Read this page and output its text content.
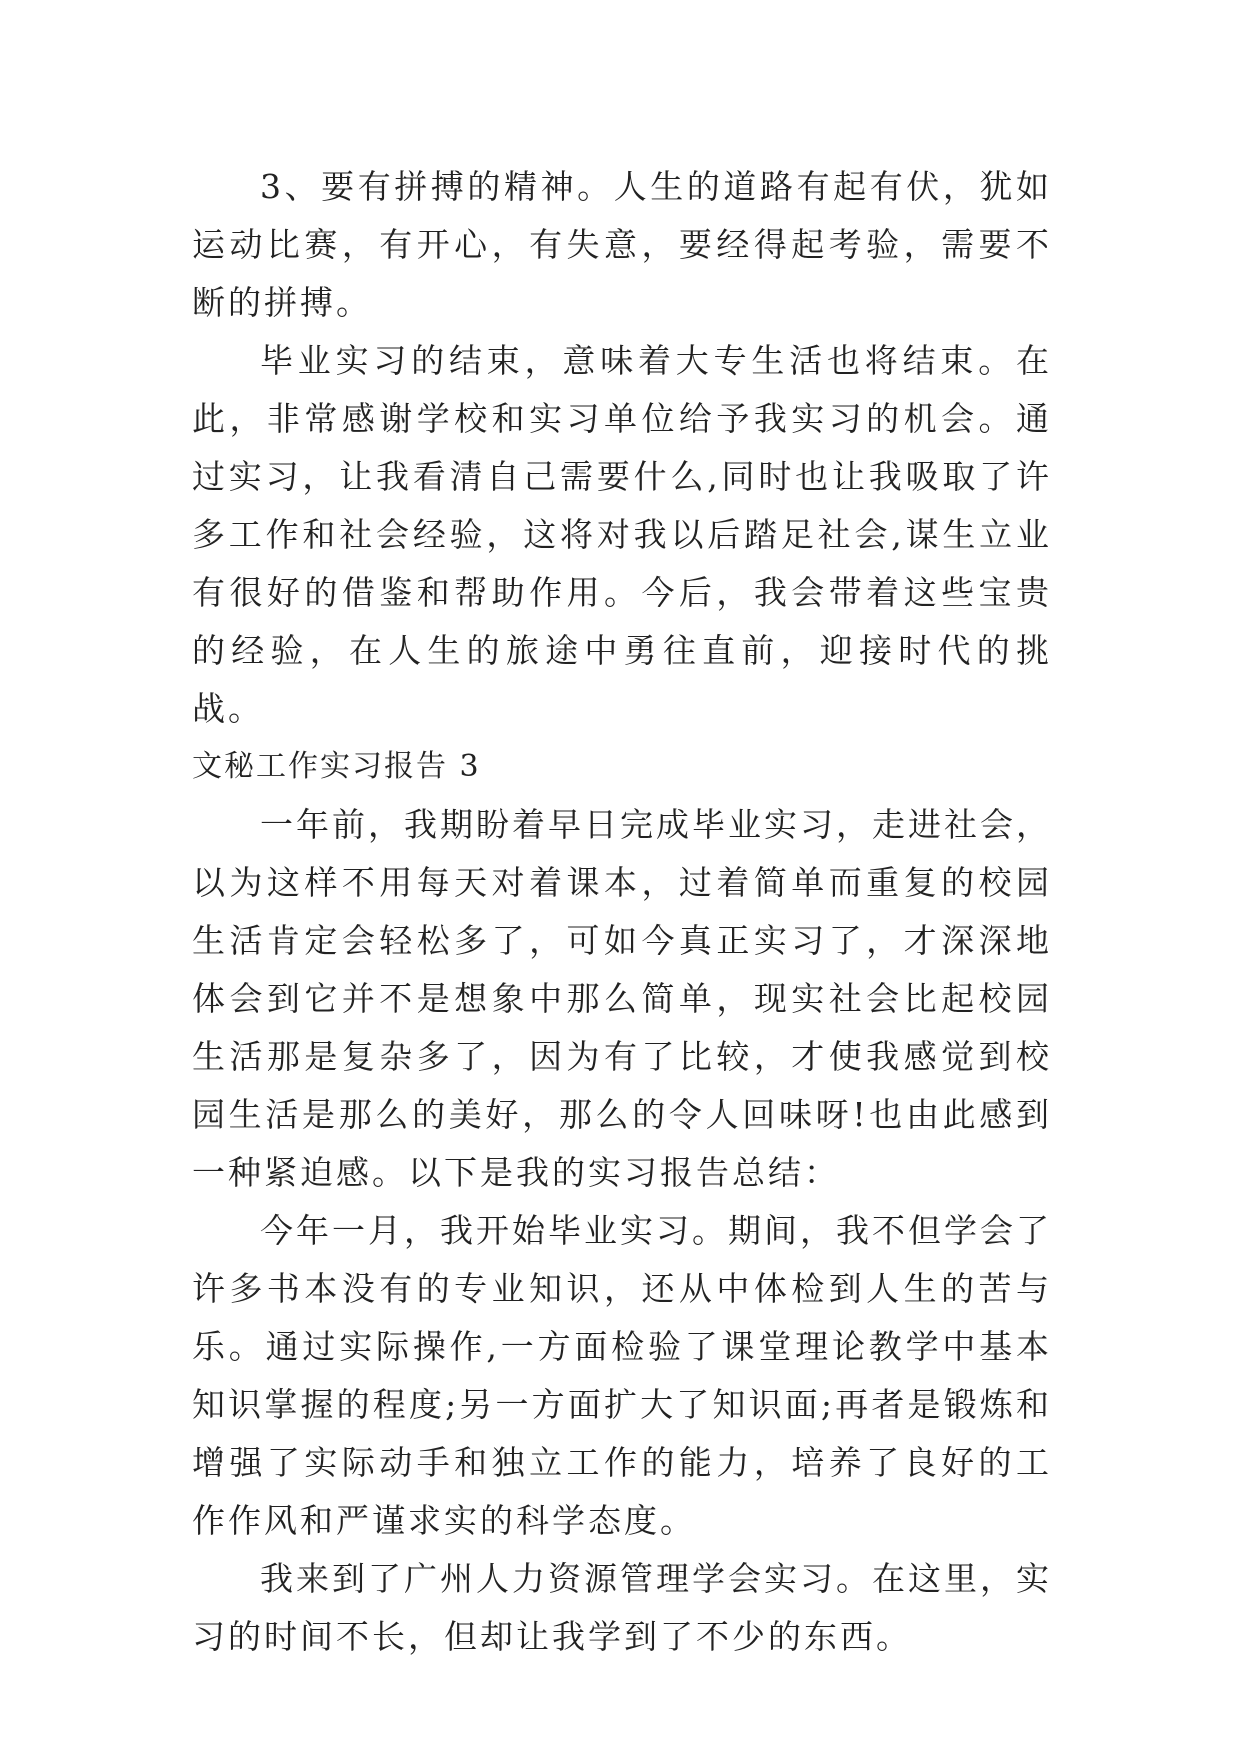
3、要有拼搏的精神。人生的道路有起有伏，犹如运动比赛，有开心，有失意，要经得起考验，需要不断的拼搏。

毕业实习的结束，意味着大专生活也将结束。在此，非常感谢学校和实习单位给予我实习的机会。通过实习，让我看清自己需要什么,同时也让我吸取了许多工作和社会经验，这将对我以后踏足社会,谋生立业有很好的借鉴和帮助作用。今后，我会带着这些宝贵的经验，在人生的旅途中勇往直前，迎接时代的挑战。

文秘工作实习报告 3

一年前，我期盼着早日完成毕业实习，走进社会，以为这样不用每天对着课本，过着简单而重复的校园生活肯定会轻松多了，可如今真正实习了，才深深地体会到它并不是想象中那么简单，现实社会比起校园生活那是复杂多了，因为有了比较，才使我感觉到校园生活是那么的美好，那么的令人回味呀!也由此感到一种紧迫感。以下是我的实习报告总结：

今年一月，我开始毕业实习。期间，我不但学会了许多书本没有的专业知识，还从中体检到人生的苦与乐。通过实际操作,一方面检验了课堂理论教学中基本知识掌握的程度;另一方面扩大了知识面;再者是锻炼和增强了实际动手和独立工作的能力，培养了良好的工作作风和严谨求实的科学态度。

我来到了广州人力资源管理学会实习。在这里，实习的时间不长，但却让我学到了不少的东西。
